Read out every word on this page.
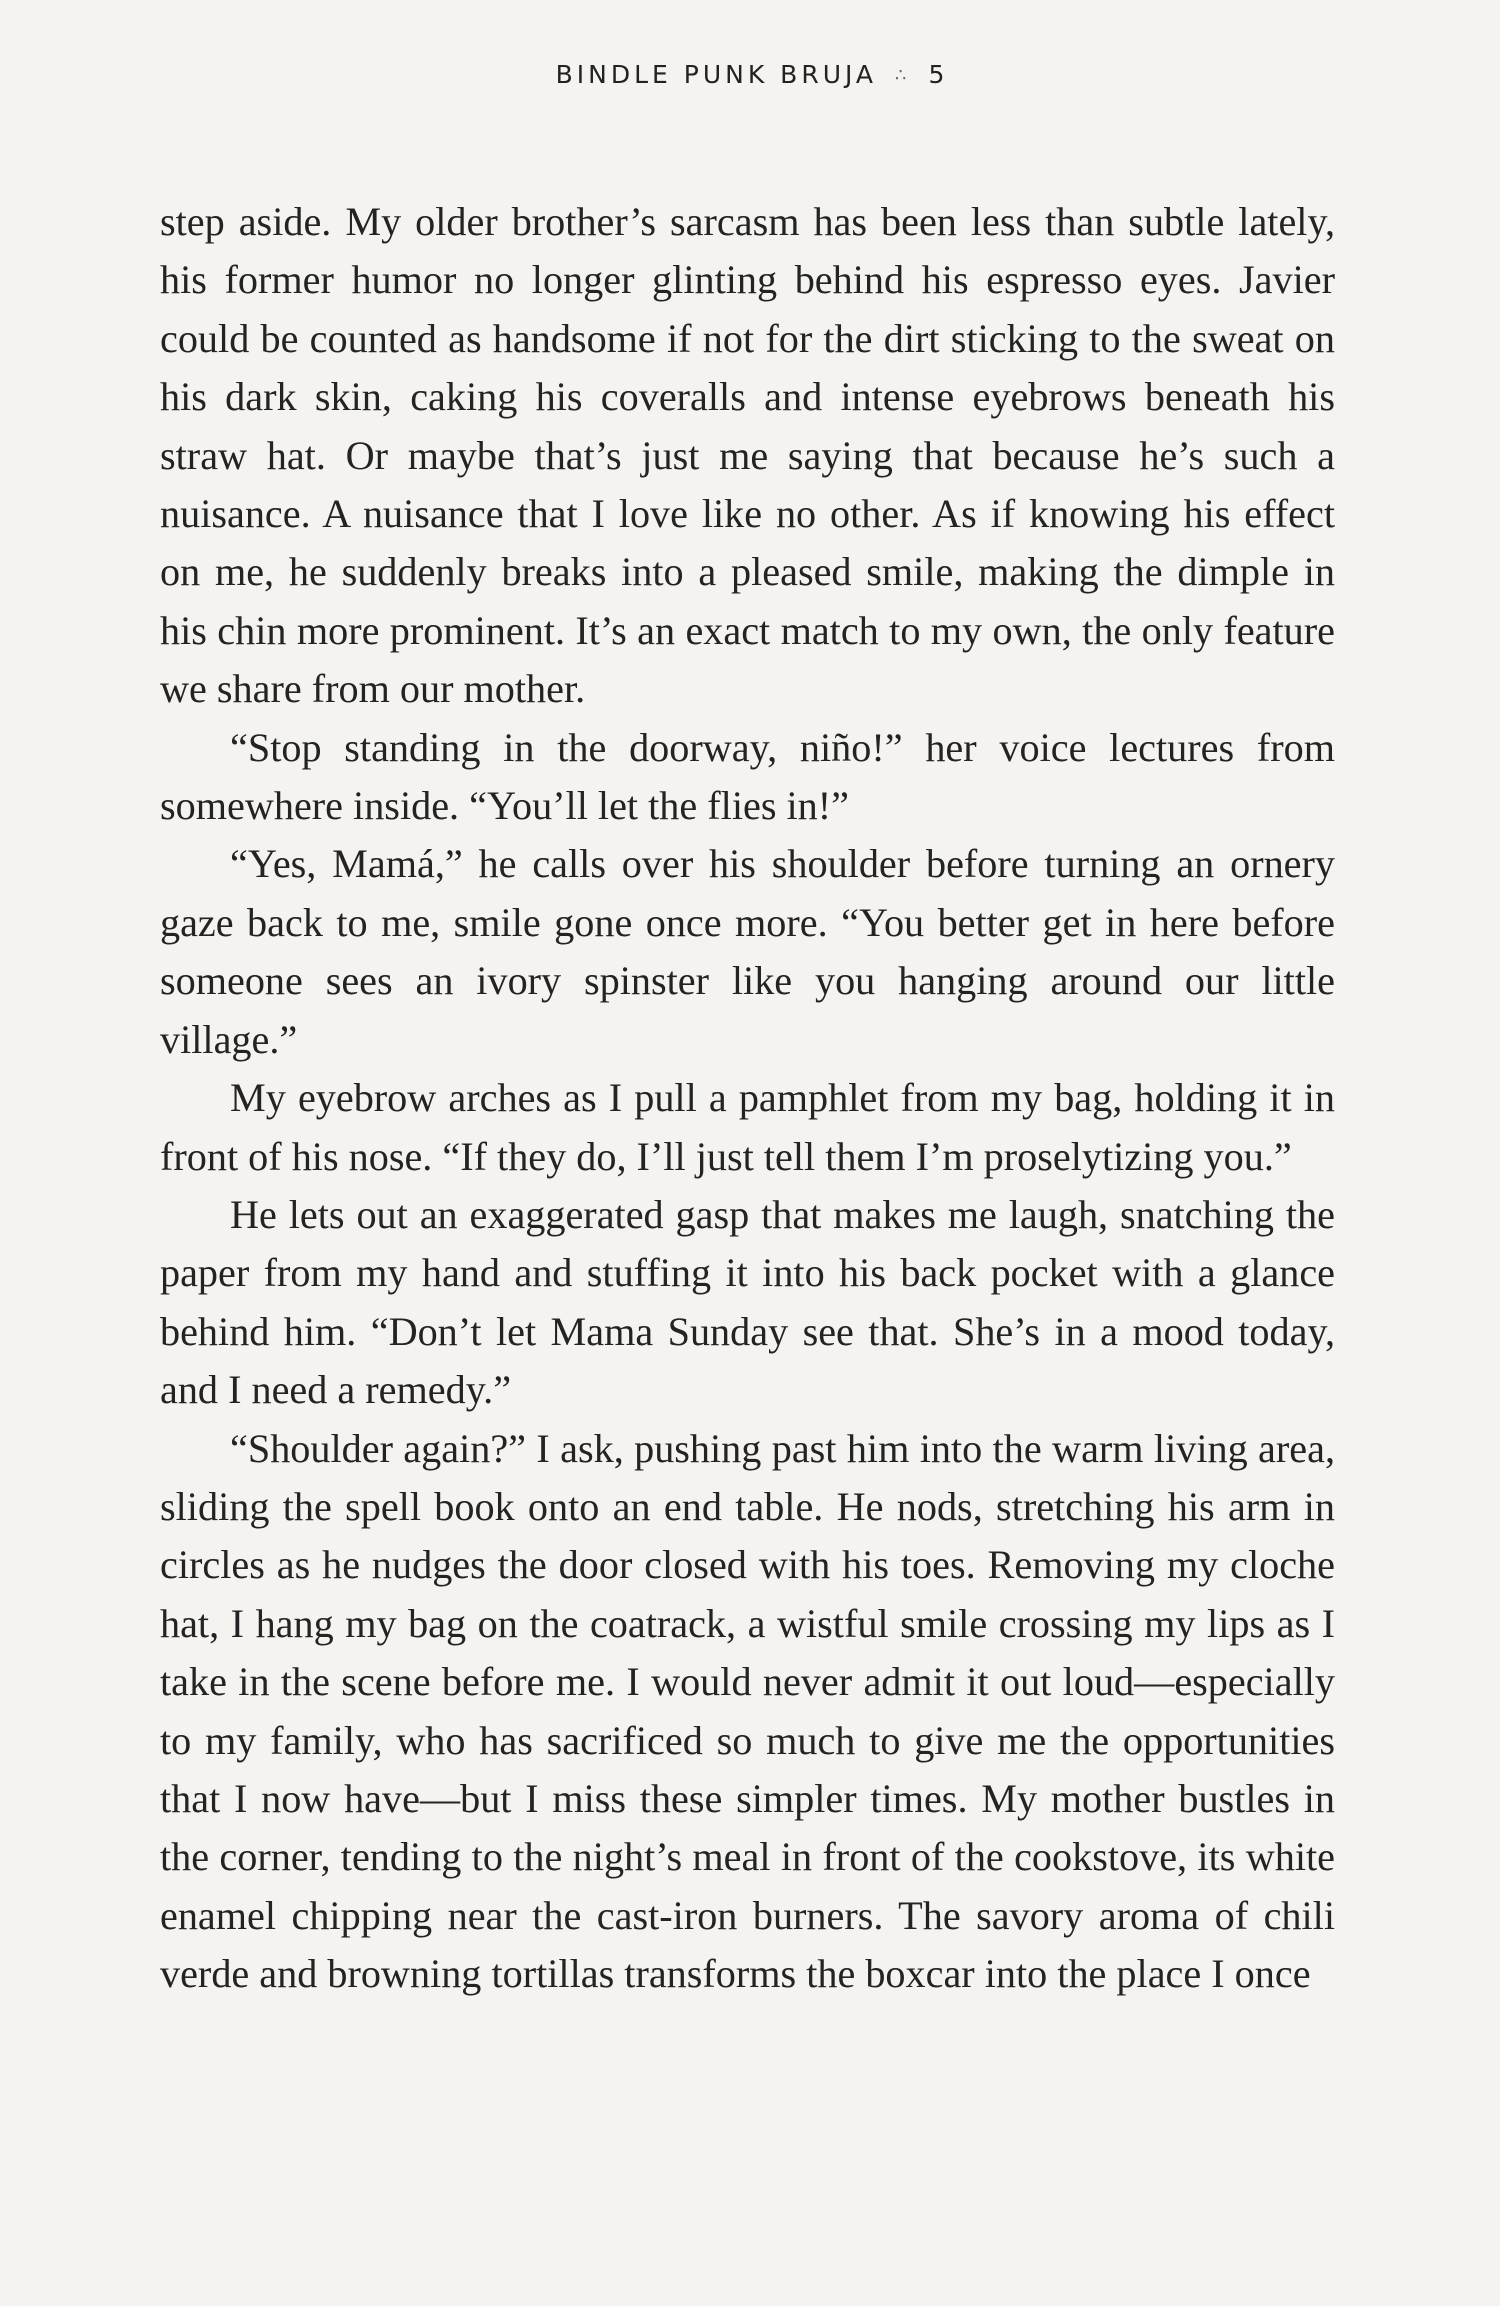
BINDLE PUNK BRUJA ∴ 5

step aside. My older brother’s sarcasm has been less than subtle lately, his former humor no longer glinting behind his espresso eyes. Javier could be counted as handsome if not for the dirt sticking to the sweat on his dark skin, caking his coveralls and intense eyebrows beneath his straw hat. Or maybe that’s just me saying that because he’s such a nuisance. A nuisance that I love like no other. As if knowing his effect on me, he suddenly breaks into a pleased smile, making the dimple in his chin more prominent. It’s an exact match to my own, the only feature we share from our mother.

“Stop standing in the doorway, niño!” her voice lectures from somewhere inside. “You’ll let the flies in!”

“Yes, Mamá,” he calls over his shoulder before turning an ornery gaze back to me, smile gone once more. “You better get in here before someone sees an ivory spinster like you hanging around our little village.”

My eyebrow arches as I pull a pamphlet from my bag, holding it in front of his nose. “If they do, I’ll just tell them I’m proselytizing you.”

He lets out an exaggerated gasp that makes me laugh, snatching the paper from my hand and stuffing it into his back pocket with a glance behind him. “Don’t let Mama Sunday see that. She’s in a mood today, and I need a remedy.”

“Shoulder again?” I ask, pushing past him into the warm living area, sliding the spell book onto an end table. He nods, stretching his arm in circles as he nudges the door closed with his toes. Removing my cloche hat, I hang my bag on the coatrack, a wistful smile crossing my lips as I take in the scene before me. I would never admit it out loud—especially to my family, who has sacrificed so much to give me the opportunities that I now have—but I miss these simpler times. My mother bustles in the corner, tending to the night’s meal in front of the cookstove, its white enamel chipping near the cast-iron burners. The savory aroma of chili verde and browning tortillas transforms the boxcar into the place I once
